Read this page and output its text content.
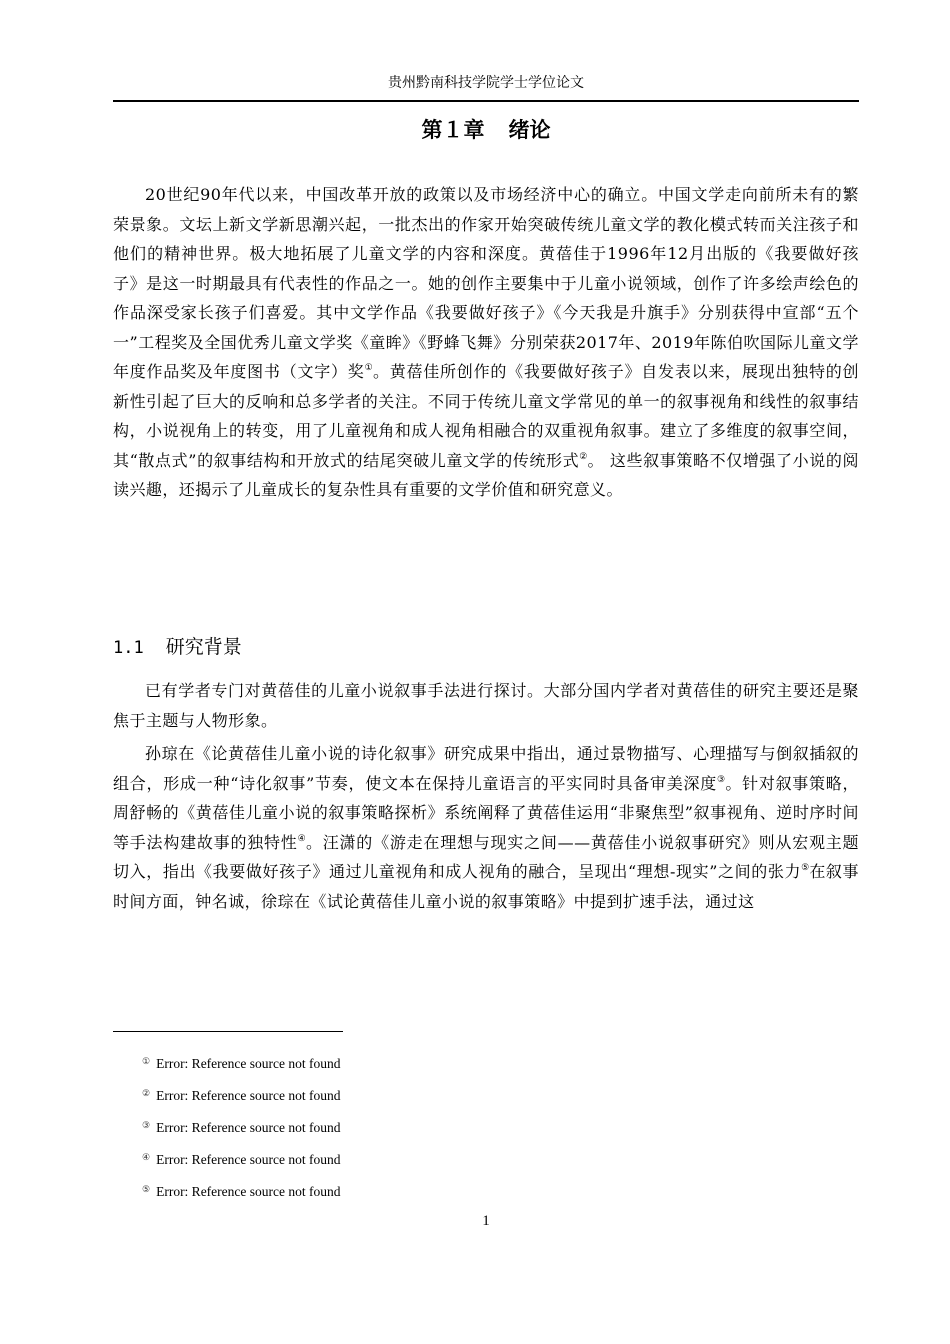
贵州黔南科技学院学士学位论文
第１章 绪论

20世纪90年代以来，中国改革开放的政策以及市场经济中心的确立。中国文学走向前所未有的繁荣景象。文坛上新文学新思潮兴起，一批杰出的作家开始突破传统儿童文学的教化模式转而关注孩子和他们的精神世界。极大地拓展了儿童文学的内容和深度。黄蓓佳于1996年12月出版的《我要做好孩子》是这一时期最具有代表性的作品之一。她的创作主要集中于儿童小说领域，创作了许多绘声绘色的作品深受家长孩子们喜爱。其中文学作品《我要做好孩子》《今天我是升旗手》分别获得中宣部“五个一”工程奖及全国优秀儿童文学奖《童眸》《野蜂飞舞》分别荣获2017年、2019年陈伯吹国际儿童文学年度作品奖及年度图书（文字）奖①。黄蓓佳所创作的《我要做好孩子》自发表以来，展现出独特的创新性引起了巨大的反响和总多学者的关注。不同于传统儿童文学常见的单一的叙事视角和线性的叙事结构，小说视角上的转变，用了儿童视角和成人视角相融合的双重视角叙事。建立了多维度的叙事空间，其“散点式”的叙事结构和开放式的结尾突破儿童文学的传统形式②。 这些叙事策略不仅增强了小说的阅读兴趣，还揭示了儿童成长的复杂性具有重要的文学价值和研究意义。

1.1 研究背景

已有学者专门对黄蓓佳的儿童小说叙事手法进行探讨。大部分国内学者对黄蓓佳的研究主要还是聚焦于主题与人物形象。

孙琼在《论黄蓓佳儿童小说的诗化叙事》研究成果中指出，通过景物描写、心理描写与倒叙插叙的组合，形成一种“诗化叙事”节奏，使文本在保持儿童语言的平实同时具备审美深度③。针对叙事策略，周舒畅的《黄蓓佳儿童小说的叙事策略探析》系统阐释了黄蓓佳运用“非聚焦型”叙事视角、逆时序时间等手法构建故事的独特性④。汪潇的《游走在理想与现实之间——黄蓓佳小说叙事研究》则从宏观主题切入，指出《我要做好孩子》通过儿童视角和成人视角的融合，呈现出“理想-现实”之间的张力⑤在叙事时间方面，钟名诚，徐琮在《试论黄蓓佳儿童小说的叙事策略》中提到扩速手法，通过这

① Error: Reference source not found
② Error: Reference source not found
③ Error: Reference source not found
④ Error: Reference source not found
⑤ Error: Reference source not found
1
